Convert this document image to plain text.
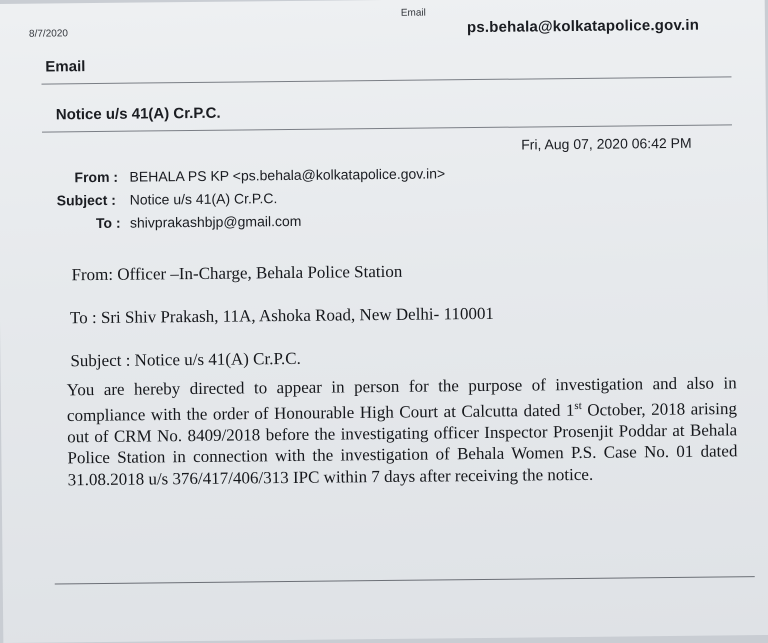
8/7/2020
Email
ps.behala@kolkatapolice.gov.in
Email
Notice u/s 41(A) Cr.P.C.
Fri, Aug 07, 2020 06:42 PM
From : BEHALA PS KP <ps.behala@kolkatapolice.gov.in>
Subject : Notice u/s 41(A) Cr.P.C.
To : shivprakashbjp@gmail.com
From: Officer –In-Charge, Behala Police Station
To : Sri Shiv Prakash, 11A, Ashoka Road, New Delhi- 110001
Subject : Notice u/s 41(A) Cr.P.C.
You are hereby directed to appear in person for the purpose of investigation and also in compliance with the order of Honourable High Court at Calcutta dated 1st October, 2018 arising out of CRM No. 8409/2018 before the investigating officer Inspector Prosenjit Poddar at Behala Police Station in connection with the investigation of Behala Women P.S. Case No. 01 dated 31.08.2018 u/s 376/417/406/313 IPC within 7 days after receiving the notice.
